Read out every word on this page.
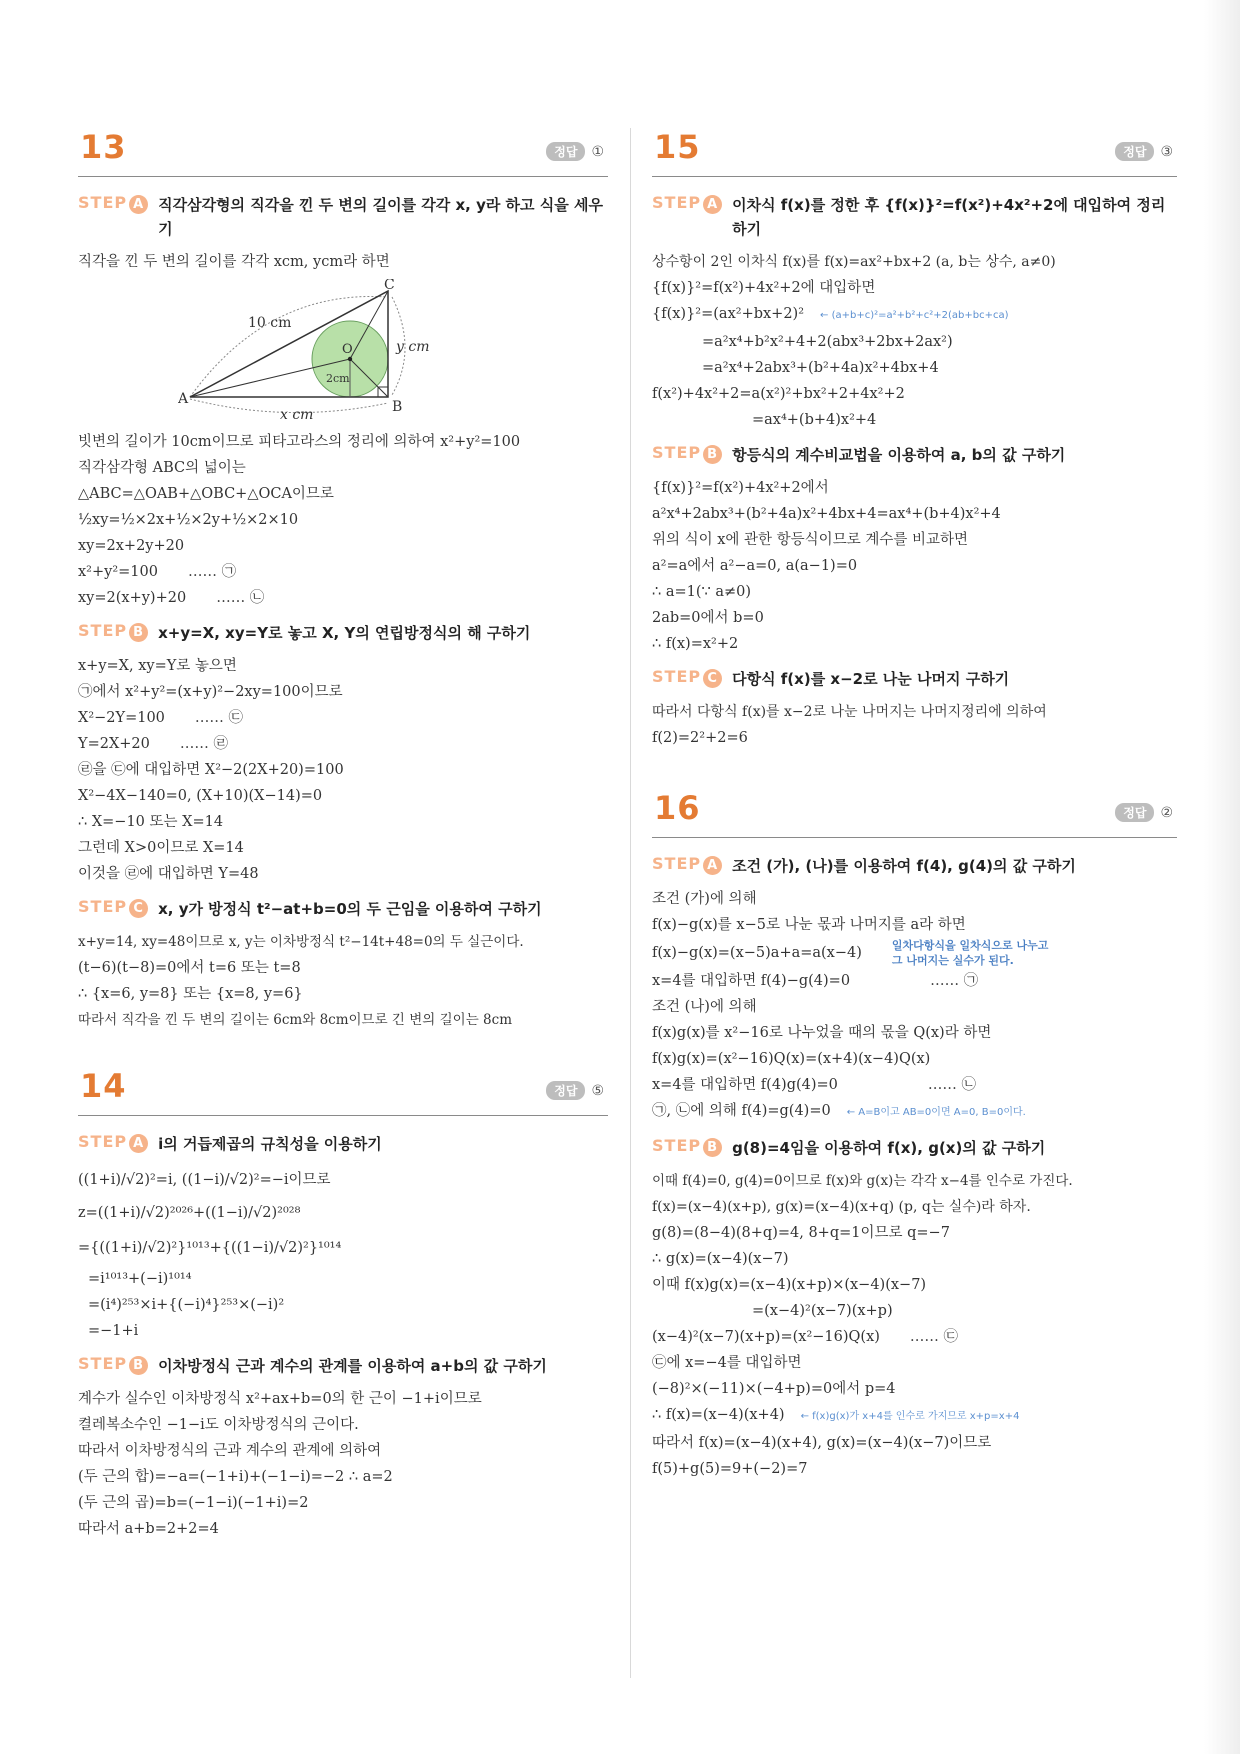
13	정답 ①
STEP A 직각삼각형의 직각을 낀 두 변의 길이를 각각 x, y라 하고 식을 세우기
직각을 낀 두 변의 길이를 각각 xcm, ycm라 하면
10 cm
y cm
x cm
2cm
A	B
C
O
빗변의 길이가 10cm이므로 피타고라스의 정리에 의하여 x²+y²=100
직각삼각형 ABC의 넓이는
△ABC=△OAB+△OBC+△OCA이므로
½xy=½×2x+½×2y+½×2×10
xy=2x+2y+20
x²+y²=100 …… ㉠
xy=2(x+y)+20 …… ㉡
STEP B x+y=X, xy=Y로 놓고 X, Y의 연립방정식의 해 구하기
x+y=X, xy=Y로 놓으면
㉠에서 x²+y²=(x+y)²−2xy=100이므로
X²−2Y=100 …… ㉢
Y=2X+20 …… ㉣
㉣을 ㉢에 대입하면 X²−2(2X+20)=100
X²−4X−140=0, (X+10)(X−14)=0
∴ X=−10 또는 X=14
그런데 X>0이므로 X=14
이것을 ㉣에 대입하면 Y=48
STEP C x, y가 방정식 t²−at+b=0의 두 근임을 이용하여 구하기
x+y=14, xy=48이므로 x, y는 이차방정식 t²−14t+48=0의 두 실근이다.
(t−6)(t−8)=0에서 t=6 또는 t=8
∴ {x=6, y=8} 또는 {x=8, y=6}
따라서 직각을 낀 두 변의 길이는 6cm와 8cm이므로 긴 변의 길이는 8cm
14	정답 ⑤
STEP A i의 거듭제곱의 규칙성을 이용하기
((1+i)/√2)²=i, ((1−i)/√2)²=−i이므로
z=((1+i)/√2)²⁰²⁶+((1−i)/√2)²⁰²⁸
={((1+i)/√2)²}¹⁰¹³+{((1−i)/√2)²}¹⁰¹⁴
=i¹⁰¹³+(−i)¹⁰¹⁴
=(i⁴)²⁵³×i+{(−i)⁴}²⁵³×(−i)²
=−1+i
STEP B 이차방정식 근과 계수의 관계를 이용하여 a+b의 값 구하기
계수가 실수인 이차방정식 x²+ax+b=0의 한 근이 −1+i이므로
켤레복소수인 −1−i도 이차방정식의 근이다.
따라서 이차방정식의 근과 계수의 관계에 의하여
(두 근의 합)=−a=(−1+i)+(−1−i)=−2 ∴ a=2
(두 근의 곱)=b=(−1−i)(−1+i)=2
따라서 a+b=2+2=4
15	정답 ③
STEP A 이차식 f(x)를 정한 후 {f(x)}²=f(x²)+4x²+2에 대입하여 정리하기
상수항이 2인 이차식 f(x)를 f(x)=ax²+bx+2 (a, b는 상수, a≠0)
{f(x)}²=f(x²)+4x²+2에 대입하면
{f(x)}²=(ax²+bx+2)² ← (a+b+c)²=a²+b²+c²+2(ab+bc+ca)
=a²x⁴+b²x²+4+2(abx³+2bx+2ax²)
=a²x⁴+2abx³+(b²+4a)x²+4bx+4
f(x²)+4x²+2=a(x²)²+bx²+2+4x²+2
=ax⁴+(b+4)x²+4
STEP B 항등식의 계수비교법을 이용하여 a, b의 값 구하기
{f(x)}²=f(x²)+4x²+2에서
a²x⁴+2abx³+(b²+4a)x²+4bx+4=ax⁴+(b+4)x²+4
위의 식이 x에 관한 항등식이므로 계수를 비교하면
a²=a에서 a²−a=0, a(a−1)=0
∴ a=1(∵ a≠0)
2ab=0에서 b=0
∴ f(x)=x²+2
STEP C 다항식 f(x)를 x−2로 나눈 나머지 구하기
따라서 다항식 f(x)를 x−2로 나눈 나머지는 나머지정리에 의하여
f(2)=2²+2=6
16	정답 ②
STEP A 조건 (가), (나)를 이용하여 f(4), g(4)의 값 구하기
조건 (가)에 의해
f(x)−g(x)를 x−5로 나눈 몫과 나머지를 a라 하면
f(x)−g(x)=(x−5)a+a=a(x−4)	일차다항식을 일차식으로 나누고
그 나머지는 실수가 된다.
x=4를 대입하면 f(4)−g(4)=0	…… ㉠
조건 (나)에 의해
f(x)g(x)를 x²−16로 나누었을 때의 몫을 Q(x)라 하면
f(x)g(x)=(x²−16)Q(x)=(x+4)(x−4)Q(x)
x=4를 대입하면 f(4)g(4)=0	…… ㉡
㉠, ㉡에 의해 f(4)=g(4)=0 ← A=B이고 AB=0이면 A=0, B=0이다.
STEP B g(8)=4임을 이용하여 f(x), g(x)의 값 구하기
이때 f(4)=0, g(4)=0이므로 f(x)와 g(x)는 각각 x−4를 인수로 가진다.
f(x)=(x−4)(x+p), g(x)=(x−4)(x+q) (p, q는 실수)라 하자.
g(8)=(8−4)(8+q)=4, 8+q=1이므로 q=−7
∴ g(x)=(x−4)(x−7)
이때 f(x)g(x)=(x−4)(x+p)×(x−4)(x−7)
=(x−4)²(x−7)(x+p)
(x−4)²(x−7)(x+p)=(x²−16)Q(x) …… ㉢
㉢에 x=−4를 대입하면
(−8)²×(−11)×(−4+p)=0에서 p=4
∴ f(x)=(x−4)(x+4) ← f(x)g(x)가 x+4를 인수로 가지므로 x+p=x+4
따라서 f(x)=(x−4)(x+4), g(x)=(x−4)(x−7)이므로
f(5)+g(5)=9+(−2)=7
